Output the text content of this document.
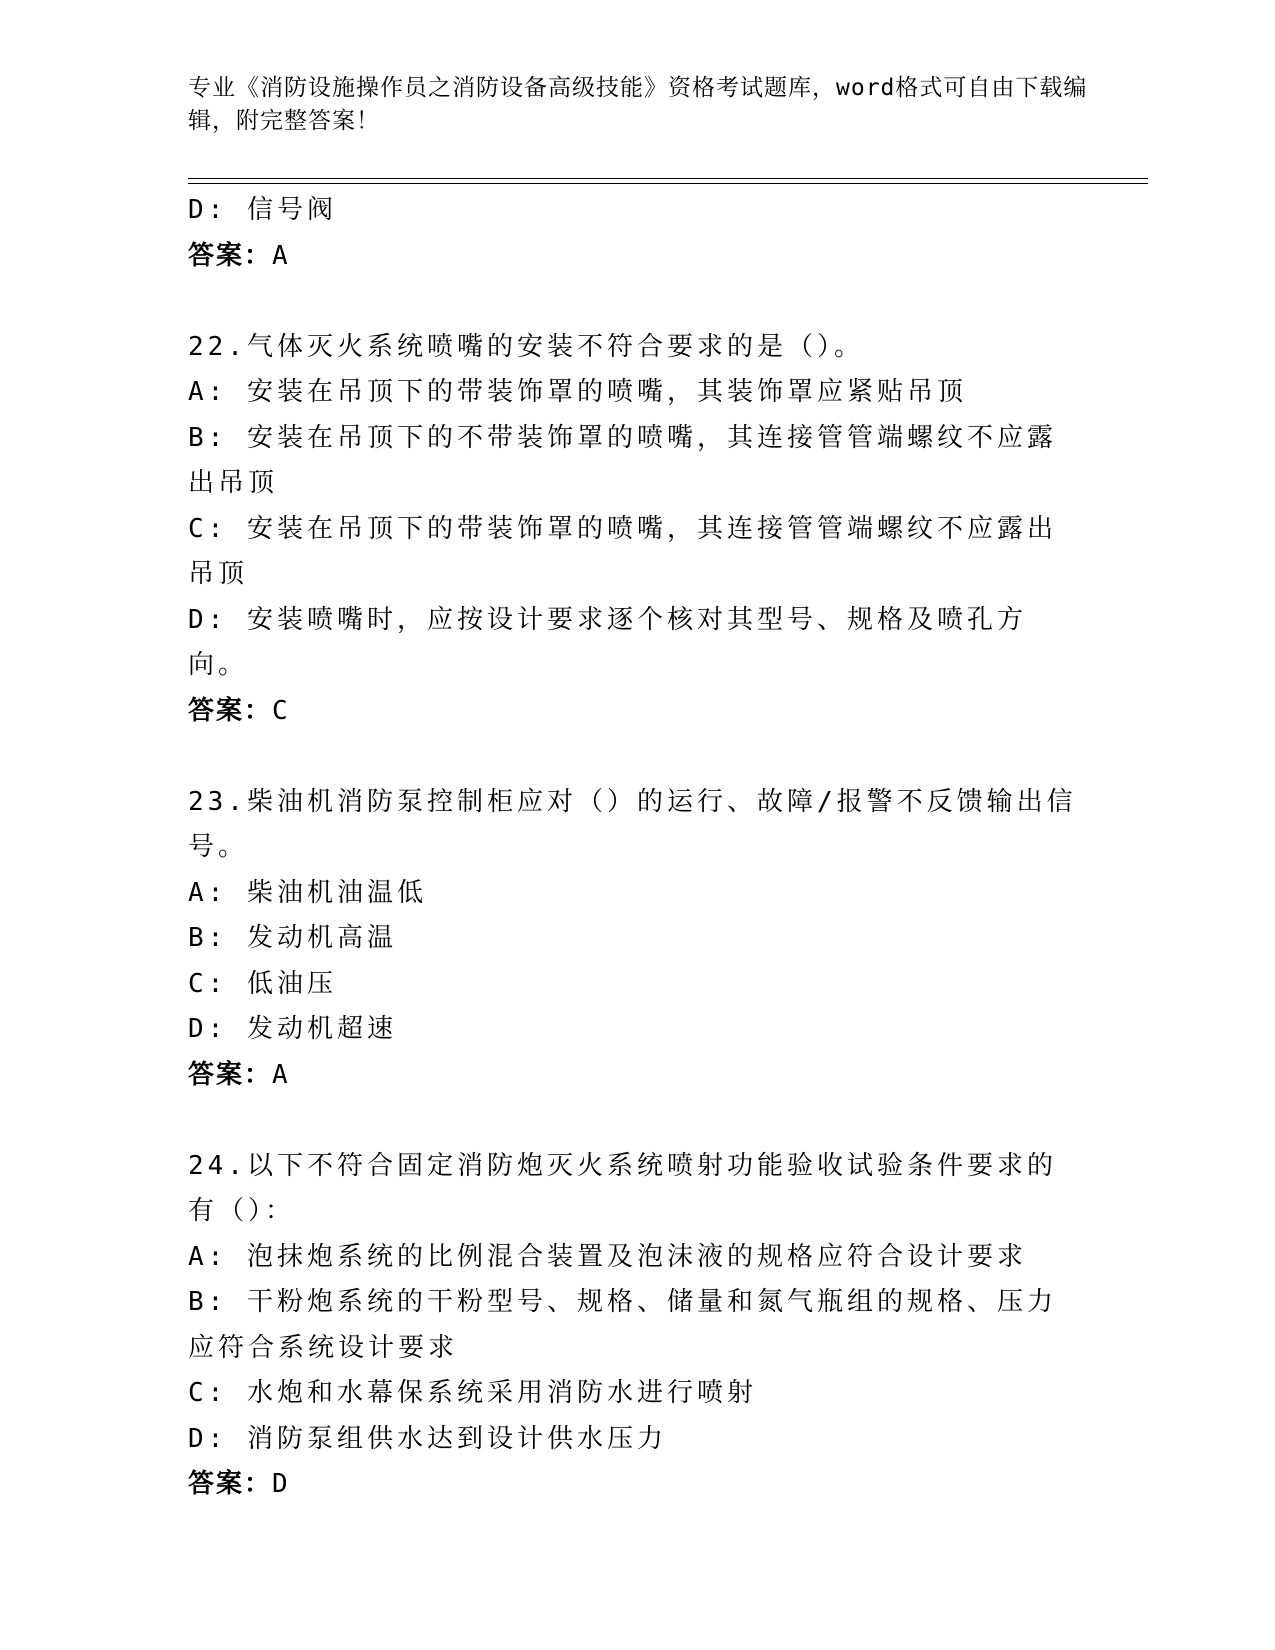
专业《消防设施操作员之消防设备高级技能》资格考试题库，word格式可自由下载编辑，附完整答案！
D: 信号阀
答案：A
22.气体灭火系统喷嘴的安装不符合要求的是（）。
A: 安装在吊顶下的带装饰罩的喷嘴，其装饰罩应紧贴吊顶
B: 安装在吊顶下的不带装饰罩的喷嘴，其连接管管端螺纹不应露出吊顶
C: 安装在吊顶下的带装饰罩的喷嘴，其连接管管端螺纹不应露出吊顶
D: 安装喷嘴时，应按设计要求逐个核对其型号、规格及喷孔方向。
答案：C
23.柴油机消防泵控制柜应对（）的运行、故障/报警不反馈输出信号。
A: 柴油机油温低
B: 发动机高温
C: 低油压
D: 发动机超速
答案：A
24.以下不符合固定消防炮灭火系统喷射功能验收试验条件要求的有（）：
A: 泡抹炮系统的比例混合装置及泡沫液的规格应符合设计要求
B: 干粉炮系统的干粉型号、规格、储量和氮气瓶组的规格、压力应符合系统设计要求
C: 水炮和水幕保系统采用消防水进行喷射
D: 消防泵组供水达到设计供水压力
答案：D
